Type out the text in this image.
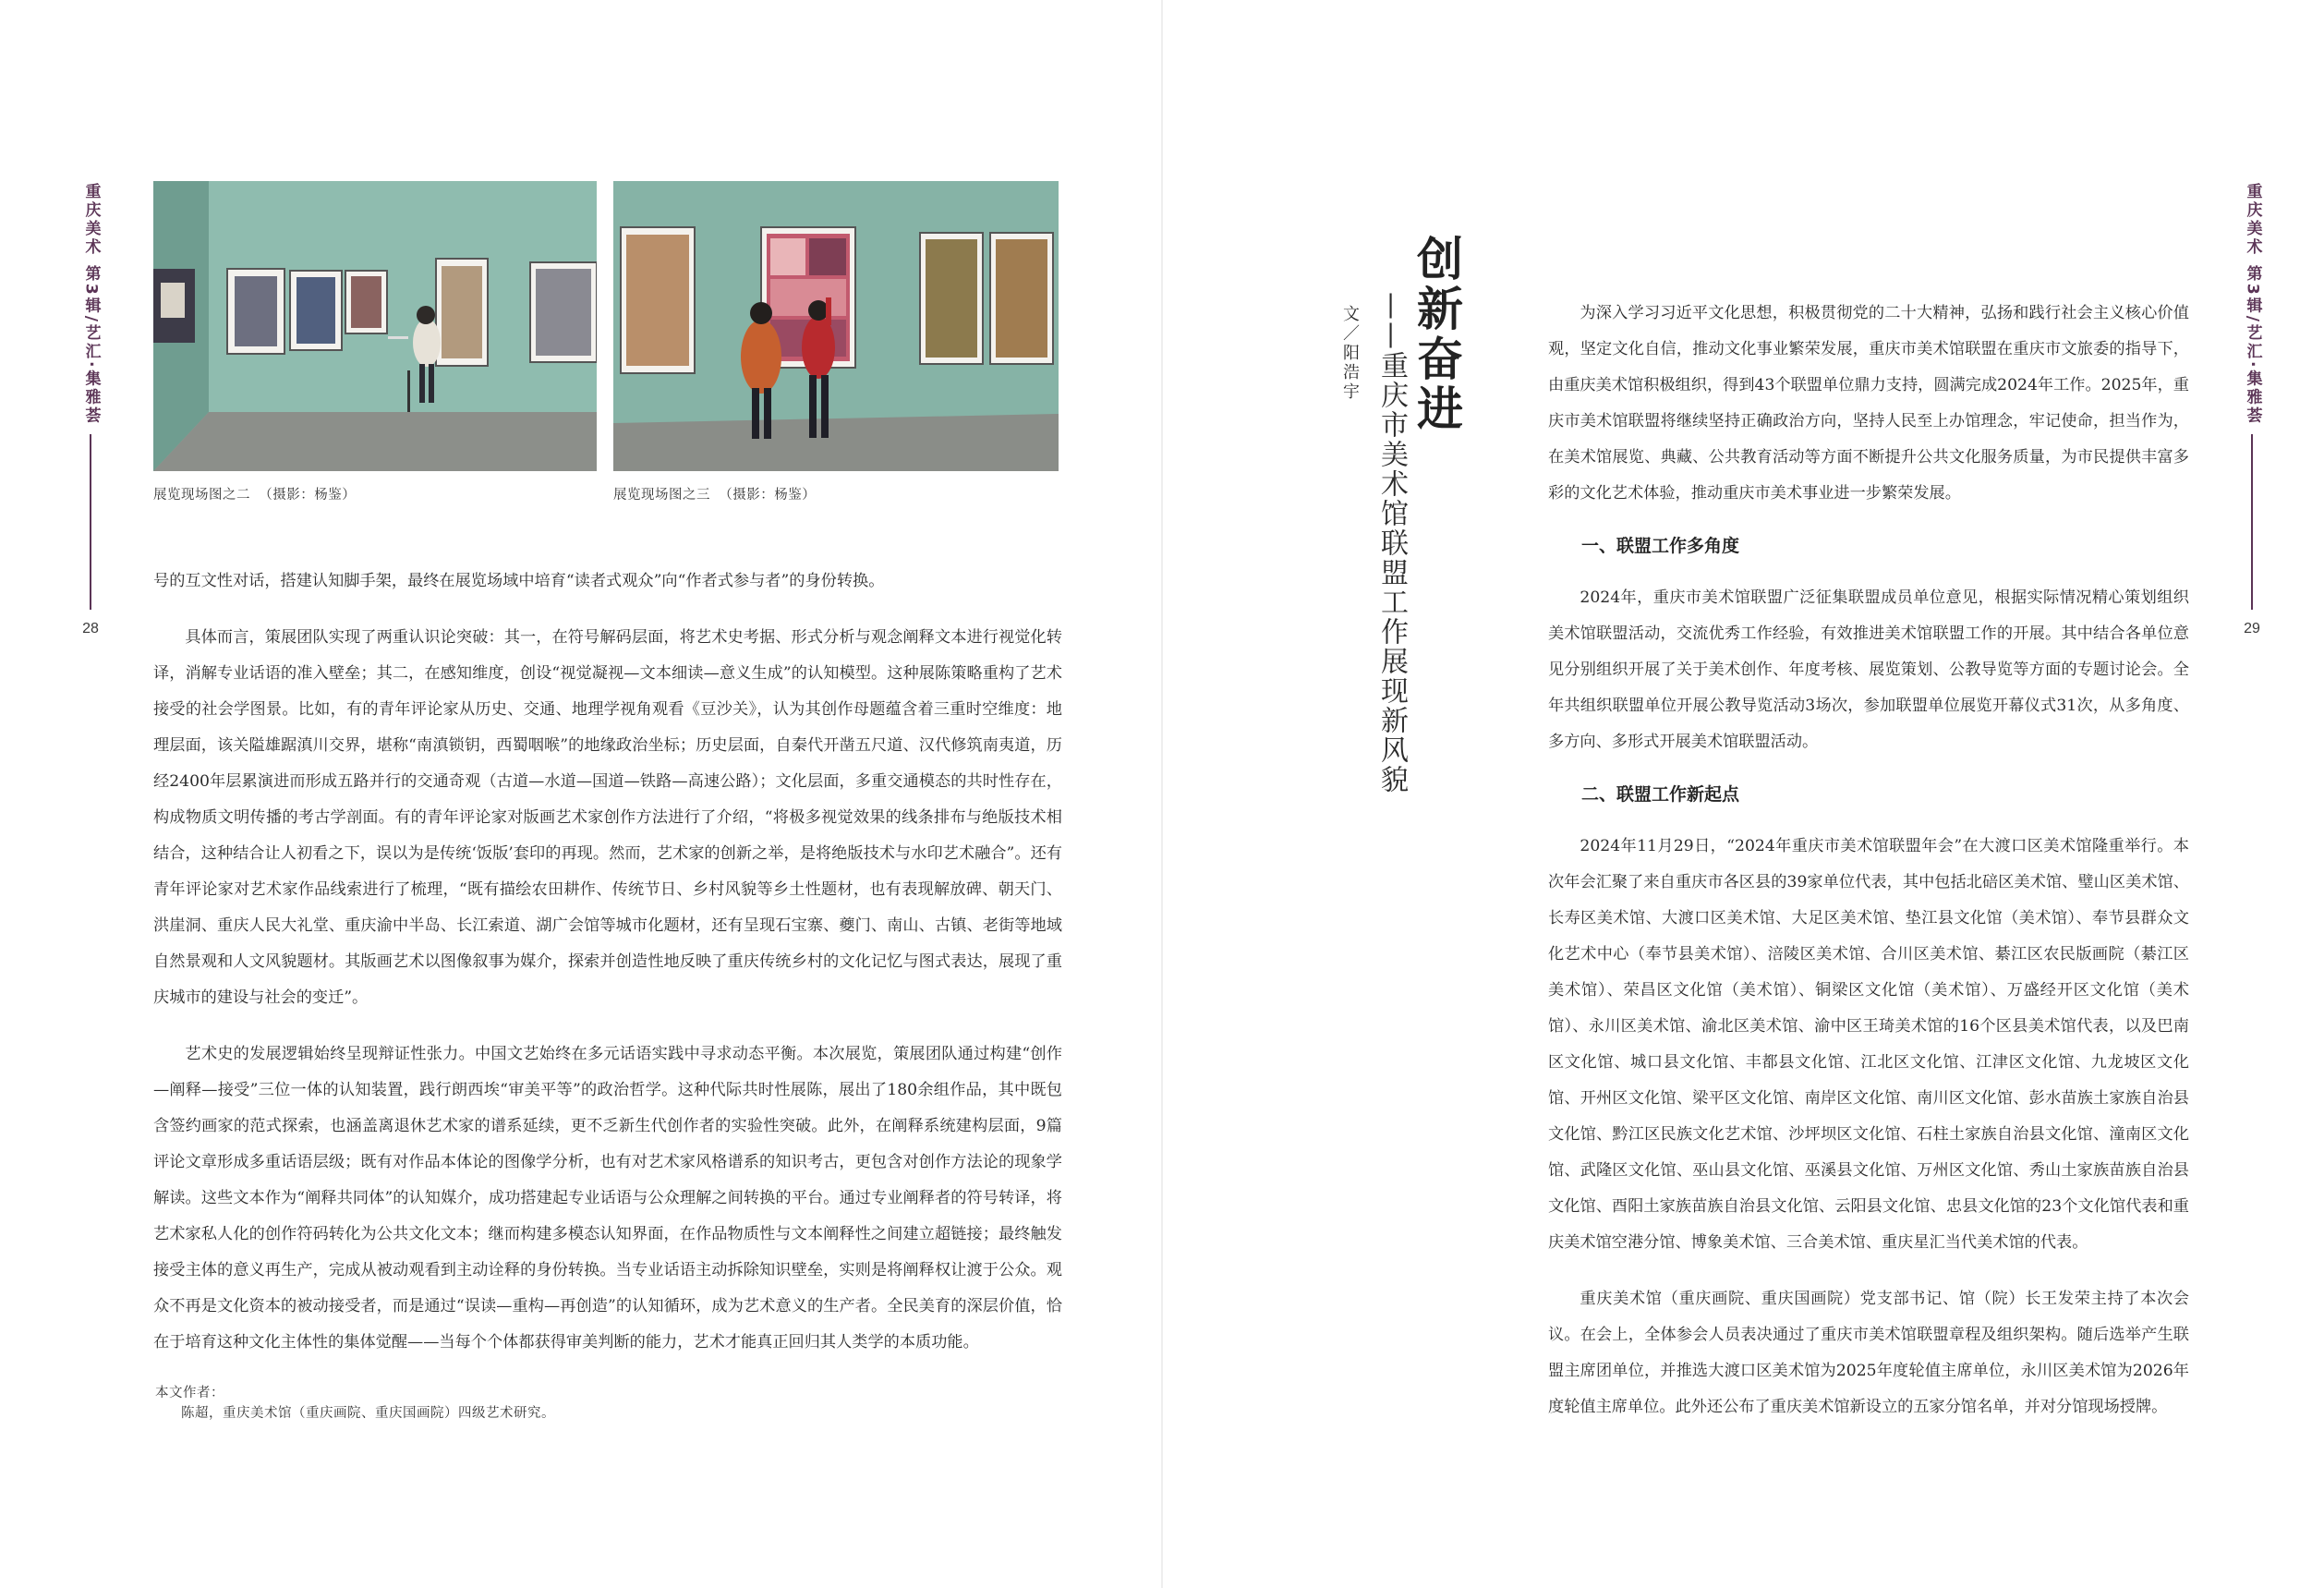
重庆美术 第3辑/艺汇·集雅荟
28
重庆美术 第3辑/艺汇·集雅荟
29
展览现场图之二 （摄影：杨鉴）	展览现场图之三 （摄影：杨鉴）

号的互文性对话，搭建认知脚手架，最终在展览场域中培育“读者式观众”向“作者式参与者”的身份转换。

具体而言，策展团队实现了两重认识论突破：其一，在符号解码层面，将艺术史考据、形式分析与观念阐释文本进行视觉化转译，消解专业话语的准入壁垒；其二，在感知维度，创设“视觉凝视—文本细读—意义生成”的认知模型。这种展陈策略重构了艺术接受的社会学图景。比如，有的青年评论家从历史、交通、地理学视角观看《豆沙关》，认为其创作母题蕴含着三重时空维度：地理层面，该关隘雄踞滇川交界，堪称“南滇锁钥，西蜀咽喉”的地缘政治坐标；历史层面，自秦代开凿五尺道、汉代修筑南夷道，历经2400年层累演进而形成五路并行的交通奇观（古道—水道—国道—铁路—高速公路）；文化层面，多重交通模态的共时性存在，构成物质文明传播的考古学剖面。有的青年评论家对版画艺术家创作方法进行了介绍，“将极多视觉效果的线条排布与绝版技术相结合，这种结合让人初看之下，误以为是传统‘饭版’套印的再现。然而，艺术家的创新之举，是将绝版技术与水印艺术融合”。还有青年评论家对艺术家作品线索进行了梳理，“既有描绘农田耕作、传统节日、乡村风貌等乡土性题材，也有表现解放碑、朝天门、洪崖洞、重庆人民大礼堂、重庆渝中半岛、长江索道、湖广会馆等城市化题材，还有呈现石宝寨、夔门、南山、古镇、老街等地域自然景观和人文风貌题材。其版画艺术以图像叙事为媒介，探索并创造性地反映了重庆传统乡村的文化记忆与图式表达，展现了重庆城市的建设与社会的变迁”。

艺术史的发展逻辑始终呈现辩证性张力。中国文艺始终在多元话语实践中寻求动态平衡。本次展览，策展团队通过构建“创作—阐释—接受”三位一体的认知装置，践行朗西埃“审美平等”的政治哲学。这种代际共时性展陈，展出了180余组作品，其中既包含签约画家的范式探索，也涵盖离退休艺术家的谱系延续，更不乏新生代创作者的实验性突破。此外，在阐释系统建构层面，9篇评论文章形成多重话语层级；既有对作品本体论的图像学分析，也有对艺术家风格谱系的知识考古，更包含对创作方法论的现象学解读。这些文本作为“阐释共同体”的认知媒介，成功搭建起专业话语与公众理解之间转换的平台。通过专业阐释者的符号转译，将艺术家私人化的创作符码转化为公共文化文本；继而构建多模态认知界面，在作品物质性与文本阐释性之间建立超链接；最终触发接受主体的意义再生产，完成从被动观看到主动诠释的身份转换。当专业话语主动拆除知识壁垒，实则是将阐释权让渡于公众。观众不再是文化资本的被动接受者，而是通过“误读—重构—再创造”的认知循环，成为艺术意义的生产者。全民美育的深层价值，恰在于培育这种文化主体性的集体觉醒——当每个个体都获得审美判断的能力，艺术才能真正回归其人类学的本质功能。

本文作者：
陈超，重庆美术馆（重庆画院、重庆国画院）四级艺术研究。
创新奋进
——重庆市美术馆联盟工作展现新风貌
文／阳浩宇	为深入学习习近平文化思想，积极贯彻党的二十大精神，弘扬和践行社会主义核心价值观，坚定文化自信，推动文化事业繁荣发展，重庆市美术馆联盟在重庆市文旅委的指导下，由重庆美术馆积极组织，得到43个联盟单位鼎力支持，圆满完成2024年工作。2025年，重庆市美术馆联盟将继续坚持正确政治方向，坚持人民至上办馆理念，牢记使命，担当作为，在美术馆展览、典藏、公共教育活动等方面不断提升公共文化服务质量，为市民提供丰富多彩的文化艺术体验，推动重庆市美术事业进一步繁荣发展。

一、联盟工作多角度

2024年，重庆市美术馆联盟广泛征集联盟成员单位意见，根据实际情况精心策划组织美术馆联盟活动，交流优秀工作经验，有效推进美术馆联盟工作的开展。其中结合各单位意见分别组织开展了关于美术创作、年度考核、展览策划、公教导览等方面的专题讨论会。全年共组织联盟单位开展公教导览活动3场次，参加联盟单位展览开幕仪式31次，从多角度、多方向、多形式开展美术馆联盟活动。

二、联盟工作新起点

2024年11月29日，“2024年重庆市美术馆联盟年会”在大渡口区美术馆隆重举行。本次年会汇聚了来自重庆市各区县的39家单位代表，其中包括北碚区美术馆、璧山区美术馆、长寿区美术馆、大渡口区美术馆、大足区美术馆、垫江县文化馆（美术馆）、奉节县群众文化艺术中心（奉节县美术馆）、涪陵区美术馆、合川区美术馆、綦江区农民版画院（綦江区美术馆）、荣昌区文化馆（美术馆）、铜梁区文化馆（美术馆）、万盛经开区文化馆（美术馆）、永川区美术馆、渝北区美术馆、渝中区王琦美术馆的16个区县美术馆代表，以及巴南区文化馆、城口县文化馆、丰都县文化馆、江北区文化馆、江津区文化馆、九龙坡区文化馆、开州区文化馆、梁平区文化馆、南岸区文化馆、南川区文化馆、彭水苗族土家族自治县文化馆、黔江区民族文化艺术馆、沙坪坝区文化馆、石柱土家族自治县文化馆、潼南区文化馆、武隆区文化馆、巫山县文化馆、巫溪县文化馆、万州区文化馆、秀山土家族苗族自治县文化馆、酉阳土家族苗族自治县文化馆、云阳县文化馆、忠县文化馆的23个文化馆代表和重庆美术馆空港分馆、博象美术馆、三合美术馆、重庆星汇当代美术馆的代表。

重庆美术馆（重庆画院、重庆国画院）党支部书记、馆（院）长王发荣主持了本次会议。在会上，全体参会人员表决通过了重庆市美术馆联盟章程及组织架构。随后选举产生联盟主席团单位，并推选大渡口区美术馆为2025年度轮值主席单位，永川区美术馆为2026年度轮值主席单位。此外还公布了重庆美术馆新设立的五家分馆名单，并对分馆现场授牌。
